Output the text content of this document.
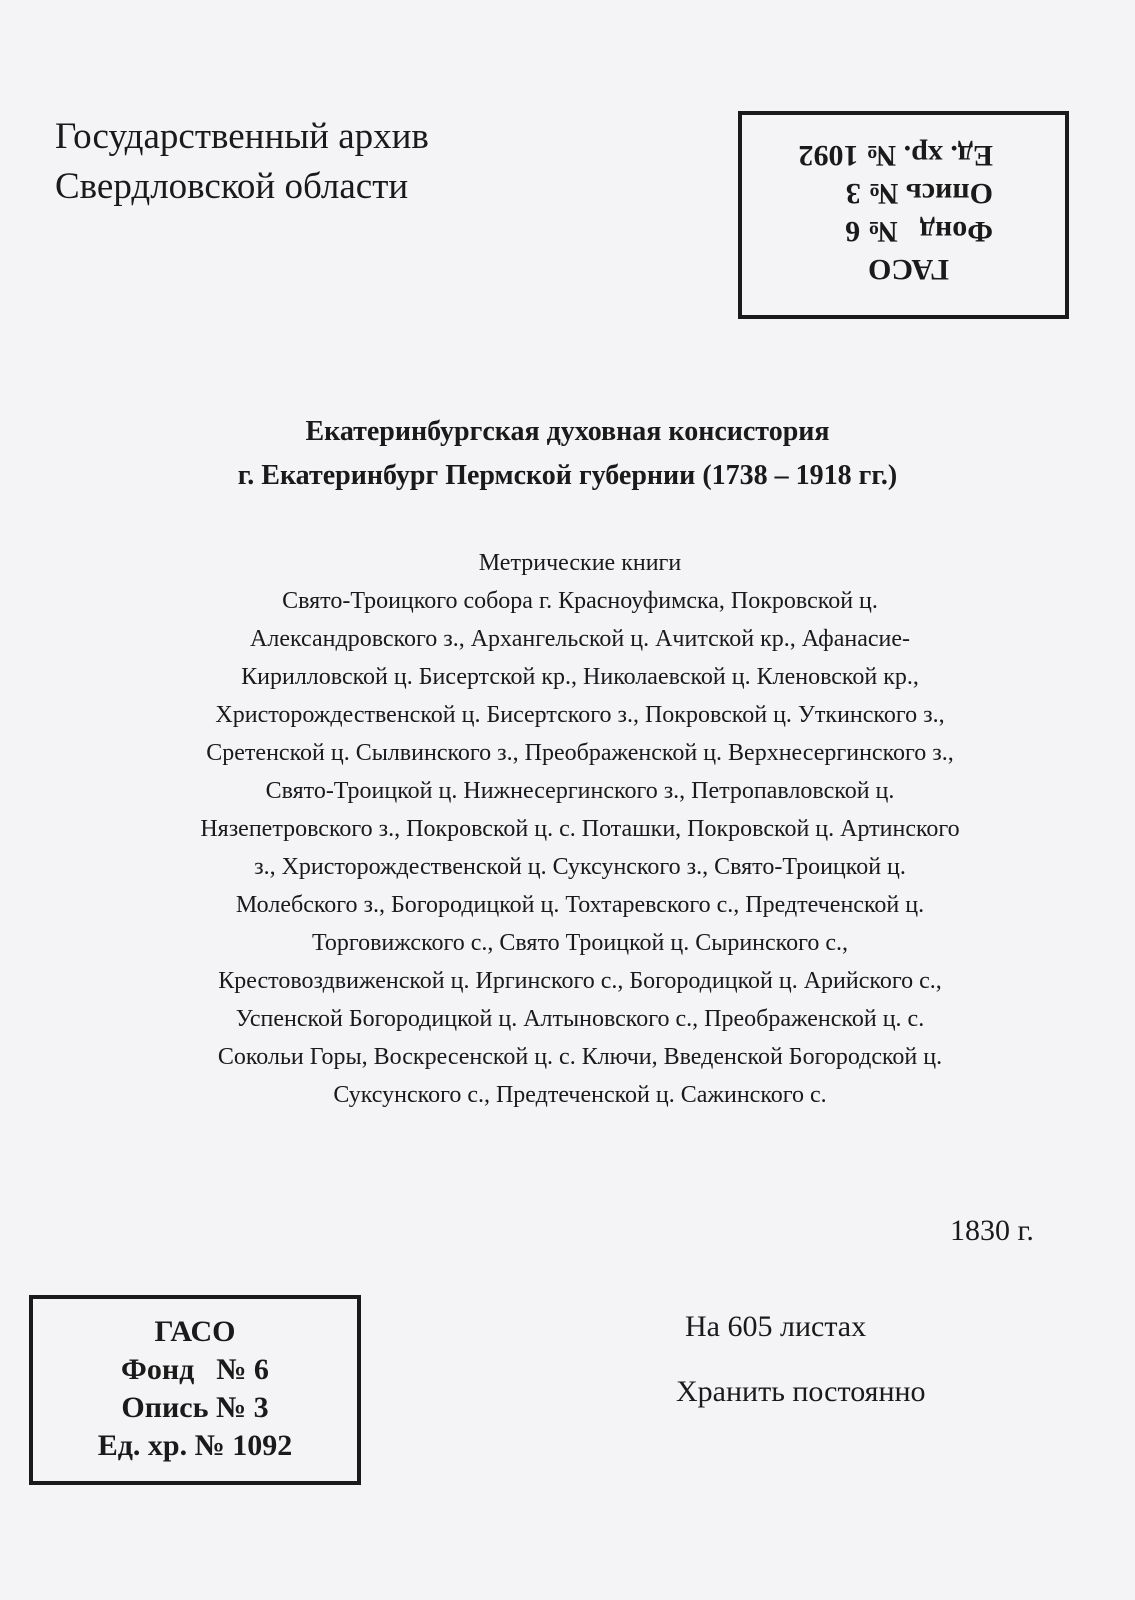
Государственный архив
Свердловской области
ГАСО
Фонд№ 6
Опись № 3
Ед. хр. № 1092
Екатеринбургская духовная консистория
г. Екатеринбург Пермской губернии (1738 – 1918 гг.)
Метрические книги
Свято-Троицкого собора г. Красноуфимска, Покровской ц.
Александровского з., Архангельской ц. Ачитской кр., Афанасие-
Кирилловской ц. Бисертской кр., Николаевской ц. Кленовской кр.,
Христорождественской ц. Бисертского з., Покровской ц. Уткинского з.,
Сретенской ц. Сылвинского з., Преображенской ц. Верхнесергинского з.,
Свято-Троицкой ц. Нижнесергинского з., Петропавловской ц.
Нязепетровского з., Покровской ц. с. Поташки, Покровской ц. Артинского
з., Христорождественской ц. Суксунского з., Свято-Троицкой ц.
Молебского з., Богородицкой ц. Тохтаревского с., Предтеченской ц.
Торговижского с., Свято Троицкой ц. Сыринского с.,
Крестовоздвиженской ц. Иргинского с., Богородицкой ц. Арийского с.,
Успенской Богородицкой ц. Алтыновского с., Преображенской ц. с.
Сокольи Горы, Воскресенской ц. с. Ключи, Введенской Богородской ц.
Суксунского с., Предтеченской ц. Сажинского с.
1830 г.
ГАСО
Фонд № 6
Опись № 3
Ед. хр. № 1092
На 605 листах
Хранить постоянно
